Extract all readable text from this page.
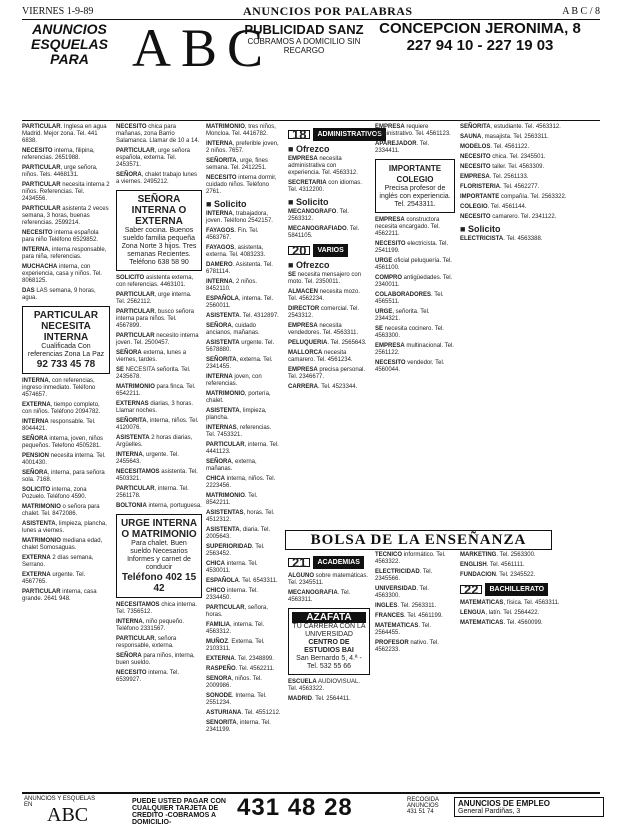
VIERNES 1-9-89	ANUNCIOS POR PALABRAS	A B C / 8
ANUNCIOS ESQUELAS PARA ABC
PUBLICIDAD SANZ
COBRAMOS A DOMICILIO SIN RECARGO
CONCEPCION JERONIMA, 8
227 94 10 - 227 19 03

PARTICULAR. Inglesa en agua Madrid. Mejor zona. Tel. 441 6838.

NECESITO interna, filipina, referencias. 2651988.

PARTICULAR, urge señora, niños. Tels. 4468131.

PARTICULAR necesita interna 2 niños. Referencias. Tel. 2434556.

PARTICULAR asistenta 2 veces semana, 3 horas, buenas referencias. 2599214.

NECESITO interna española para niño Teléfono 6529852.

INTERNA, interna responsable, para niña, referencias.

MUCHACHA interna, con experiencia, casa y niños. Tel. 8068125.

DAS LAS semana, 9 horas, agua.

PARTICULAR NECESITA INTERNA
Cualificada Con referencias Zona La Paz
92 733 45 78

INTERNA, con referencias, ingreso inmediato. Teléfono 4574657.

EXTERNA, tiempo completo, con niños. Teléfono 2094782.

INTERNA responsable. Tel. 8044421.

SEÑORA interna, joven, niños pequeños. Telefono 4505281.

PENSION necesita interna. Tel. 4001430.

SEÑORA, interna, para señora sola. 7168.

SOLICITO interna, zona Pozuelo. Teléfono 4590.

MATRIMONIO o señora para chalet. Tel. 8472086.

ASISTENTA, limpieza, plancha, lunes a viernes.

MATRIMONIO mediana edad, chalet Somosaguas.

EXTERNA 2 días semana, Serrano.

EXTERNA urgente. Tel. 4567765.

PARTICULAR interna, casa grande. 2641 948.

NECESITO chica para mañanas, zona Barrio Salamanca. Llamar de 10 a 14.

PARTICULAR, urge señora española, externa. Tel. 2453571.

SEÑORA, chalet trabajo lunes a viernes. 2495212.

SEÑORA INTERNA O EXTERNA
Saber cocina. Buenos sueldo familia pequeña Zona Norte 3 hijos. Tres semanas Recientes. Teléfono 638 58 90

SOLICITO asistenta externa, con referencias. 4463101.

PARTICULAR, urge interna. Tel. 2562112.

PARTICULAR, busco señora interna para niños. Tel. 4567899.

PARTICULAR necesito interna joven. Tel. 2500457.

SEÑORA externa, lunes a viernes, tardes.

SE NECESITA señorita. Tel. 2435678.

MATRIMONIO para finca. Tel. 6542211.

EXTERNAS diarias, 3 horas. Llamar noches.

SEÑORITA, interna, niños. Tel. 4120076.

ASISTENTA 2 horas diarias, Argüelles.

INTERNA, urgente. Tel. 2455643.

NECESITAMOS asistenta. Tel. 4503321.

PARTICULAR, interna. Tel. 2561178.

BOLTONIA interna, portuguesa.

URGE INTERNA O MATRIMONIO
Para chalet. Buen sueldo Necesarios Informes y carnet de conducir
Teléfono 402 15 42

NECESITAMOS chica interna. Tel. 7356512.

INTERNA, niño pequeño. Teléfono 2331567.

PARTICULAR, señora responsable, externa.

SEÑORA para niños, interna, buen sueldo.

NECESITO interna. Tel. 6539927.

MATRIMONIO, tres niños, Moncloa. Tel. 4416782.

INTERNA, preferible joven, 2 niños. 7657.

SEÑORITA, urge, fines semana. Tel. 2412251.

NECESITO interna dormir, cuidado niños. Teléfono 2761.

■ Solicito

INTERNA, trabajadora, joven. Teléfono 2542157.

FAYAGOS. Fin. Tel. 4563767.

FAYAGOS, asistenta, externa. Tel. 4083233.

DAMERO. Asistenta. Tel. 6781114.

INTERNA, 2 niños. 8452110.

ESPAÑOLA, interna. Tel. 2560011.

ASISTENTA. Tel. 4312897.

SEÑORA, cuidado ancianos, mañanas.

ASISTENTA urgente. Tel. 5678880.

SEÑORITA, externa. Tel. 2341455.

INTERNA joven, con referencias.

MATRIMONIO, portería, chalet.

ASISTENTA, limpieza, plancha.

INTERNAS, referencias. Tel. 7453321.

PARTICULAR, interna. Tel. 4441123.

SEÑORA, externa, mañanas.

CHICA interna, niños. Tel. 2223456.

MATRIMONIO. Tel. 8542211.

ASISTENTAS, horas. Tel. 4512312.

ASISTENTA, diaria. Tel. 2005643.

SUPERIORIDAD. Tel. 2563452.

CHICA interna. Tel. 4530011.

ESPAÑOLA. Tel. 6543311.

CHICO interna. Tel. 2334450.

PARTICULAR, señora, horas.

FAMILIA, interna. Tel. 4563312.

MUÑOZ. Externa. Tel. 2103311.

EXTERNA. Tel. 2348899.

RASPEÑO. Tel. 4562211.

SENORA, niños. Tel. 2009986.

SONODE. Interna. Tel. 2551234.

ASTURIANA. Tel. 4551212.

SENORITA, interna. Tel. 2341199.

18	ADMINISTRATIVOS
■ Ofrezco

EMPRESA necesita administrativa con experiencia. Tel. 4563312.

SECRETARIA con idiomas. Tel. 4312200.

■ Solicito

MECANOGRAFO. Tel. 2563312.

MECANOGRAFIADO. Tel. 5841105.

20	VARIOS
■ Ofrezco

SE necesita mensajero con moto. Tel. 2350011.

ALMACEN necesita mozo. Tel. 4562234.

DIRECTOR comercial. Tel. 2543312.

EMPRESA necesita vendedores. Tel. 4563311.

PELUQUERIA. Tel. 2565643.

MALLORCA necesita camarero. Tel. 4561234.

EMPRESA precisa personal. Tel. 2346677.

CARRERA. Tel. 4523344.

BOLSA DE LA ENSEÑANZA
21	ACADEMIAS

ALGUNO sobre matemáticas. Tel. 2345511.

MECANOGRAFIA. Tel. 4563311.

AZAFATA
TU CARRERA CON LA UNIVERSIDAD
CENTRO DE ESTUDIOS BAI
San Bernardo 5, 4.ª - Tel. 532 55 66

ESCUELA AUDIOVISUAL. Tel. 4563322.

MADRID. Tel. 2564411.

EMPRESA requiere administrativo. Tel. 4561123.

APAREJADOR. Tel. 2334411.

IMPORTANTE COLEGIO
Precisa profesor de inglés con experiencia. Tel. 2543311.

EMPRESA constructora necesita encargado. Tel. 4562211.

NECESITO electricista. Tel. 2541199.

URGE oficial peluquería. Tel. 4561100.

COMPRO antigüedades. Tel. 2340011.

COLABORADORES. Tel. 4565511.

URGE, señorita. Tel. 2344321.

SE necesita cocinero. Tel. 4563300.

EMPRESA multinacional. Tel. 2561122.

NECESITO vendedor. Tel. 4560044.

TECNICO informático. Tel. 4563322.

ELECTRICIDAD. Tel. 2345566.

UNIVERSIDAD. Tel. 4563300.

INGLES. Tel. 2563311.

FRANCES. Tel. 4561199.

MATEMATICAS. Tel. 2564455.

PROFESOR nativo. Tel. 4562233.

SEÑORITA, estudiante. Tel. 4563312.

SAUNA, masajista. Tel. 2563311.

MODELOS. Tel. 4561122.

NECESITO chica. Tel. 2345501.

NECESITO taller. Tel. 4563309.

EMPRESA. Tel. 2561133.

FLORISTERIA. Tel. 4562277.

IMPORTANTE compañía. Tel. 2563322.

COLEGIO. Tel. 4561144.

NECESITO camarero. Tel. 2341122.

■ Solicito

ELECTRICISTA. Tel. 4563388.

MARKETING. Tel. 2563300.

ENGLISH. Tel. 4561111.

FUNDACION. Tel. 2345522.

22	BACHILLERATO

MATEMATICAS, física. Tel. 4563311.

LENGUA, latín. Tel. 2564422.

MATEMATICAS. Tel. 4560099.

ANUNCIOS Y ESQUELAS EN ABC
PUEDE USTED PAGAR CON CUALQUIER TARJETA DE CREDITO -COBRAMOS A DOMICILIO-
431 48 28	RECOGIDA ANUNCIOS 431 51 74
ANUNCIOS DE EMPLEO
General Pardiñas, 3
